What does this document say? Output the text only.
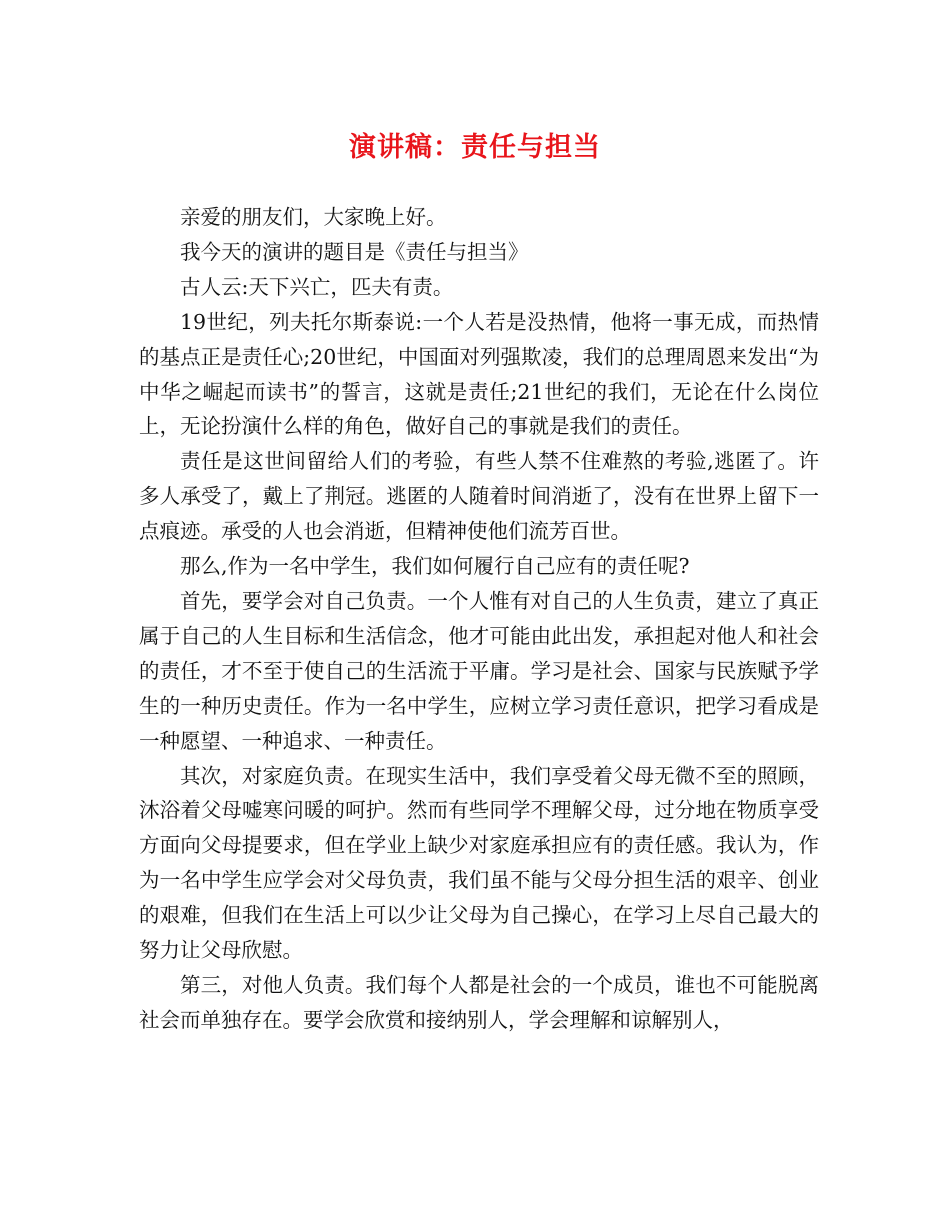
演讲稿：责任与担当

亲爱的朋友们，大家晚上好。

我今天的演讲的题目是《责任与担当》

古人云:天下兴亡，匹夫有责。

19世纪，列夫托尔斯泰说:一个人若是没热情，他将一事无成，而热情的基点正是责任心;20世纪，中国面对列强欺凌，我们的总理周恩来发出“为中华之崛起而读书”的誓言，这就是责任;21世纪的我们，无论在什么岗位上，无论扮演什么样的角色，做好自己的事就是我们的责任。

责任是这世间留给人们的考验，有些人禁不住难熬的考验,逃匿了。许多人承受了，戴上了荆冠。逃匿的人随着时间消逝了，没有在世界上留下一点痕迹。承受的人也会消逝，但精神使他们流芳百世。

那么,作为一名中学生，我们如何履行自己应有的责任呢?

首先，要学会对自己负责。一个人惟有对自己的人生负责，建立了真正属于自己的人生目标和生活信念，他才可能由此出发，承担起对他人和社会的责任，才不至于使自己的生活流于平庸。学习是社会、国家与民族赋予学生的一种历史责任。作为一名中学生，应树立学习责任意识，把学习看成是一种愿望、一种追求、一种责任。

其次，对家庭负责。在现实生活中，我们享受着父母无微不至的照顾，沐浴着父母嘘寒问暖的呵护。然而有些同学不理解父母，过分地在物质享受方面向父母提要求，但在学业上缺少对家庭承担应有的责任感。我认为，作为一名中学生应学会对父母负责，我们虽不能与父母分担生活的艰辛、创业的艰难，但我们在生活上可以少让父母为自己操心，在学习上尽自己最大的努力让父母欣慰。

第三，对他人负责。我们每个人都是社会的一个成员，谁也不可能脱离社会而单独存在。要学会欣赏和接纳别人，学会理解和谅解别人，
